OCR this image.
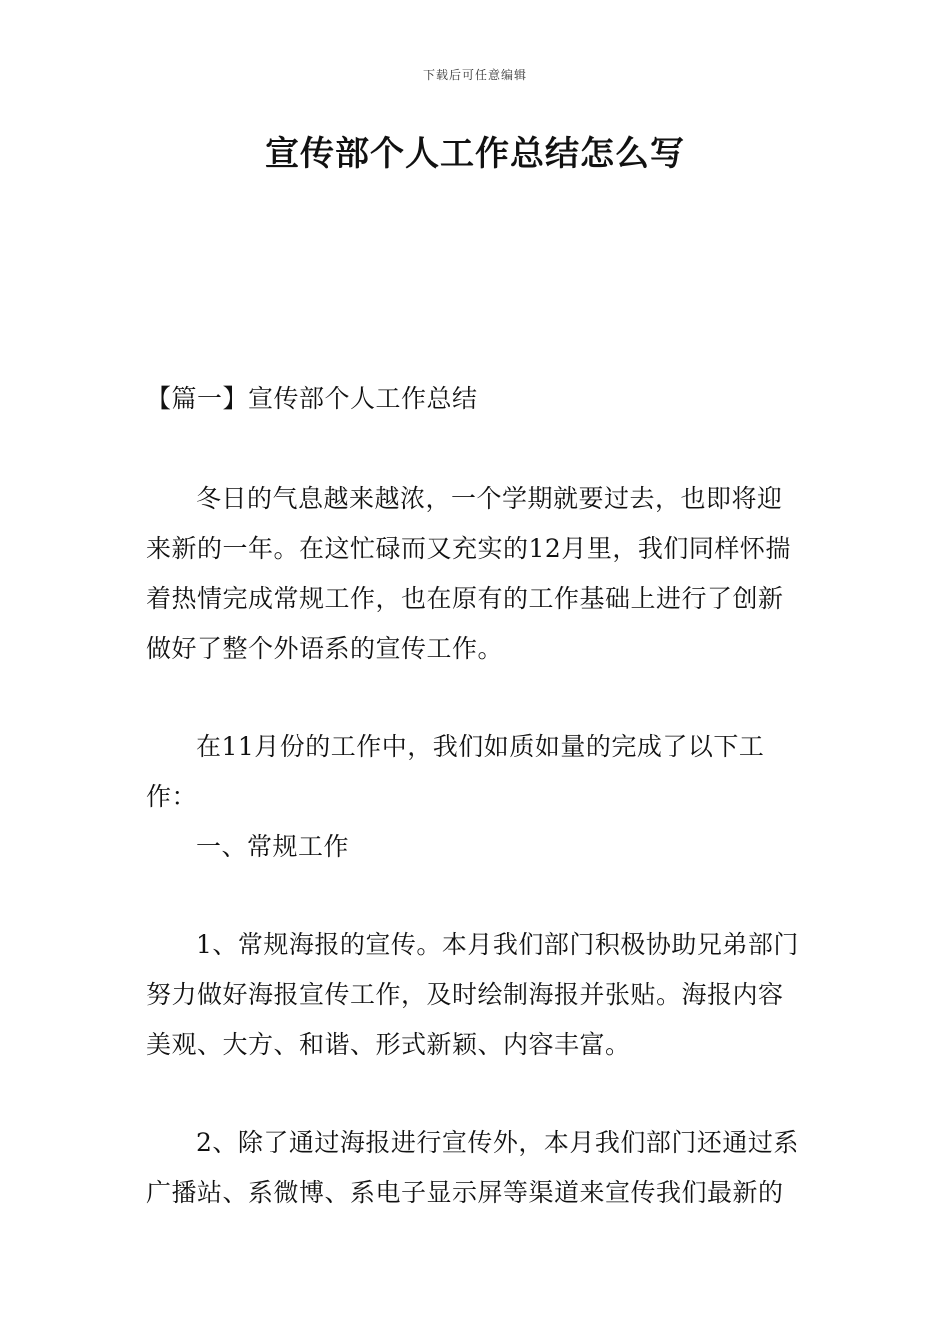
下载后可任意编辑
宣传部个人工作总结怎么写
【篇一】宣传部个人工作总结
冬日的气息越来越浓，一个学期就要过去，也即将迎来新的一年。在这忙碌而又充实的12月里，我们同样怀揣着热情完成常规工作，也在原有的工作基础上进行了创新做好了整个外语系的宣传工作。
在11月份的工作中，我们如质如量的完成了以下工作：
一、常规工作
1、常规海报的宣传。本月我们部门积极协助兄弟部门努力做好海报宣传工作，及时绘制海报并张贴。海报内容美观、大方、和谐、形式新颖、内容丰富。
2、除了通过海报进行宣传外，本月我们部门还通过系广播站、系微博、系电子显示屏等渠道来宣传我们最新的
